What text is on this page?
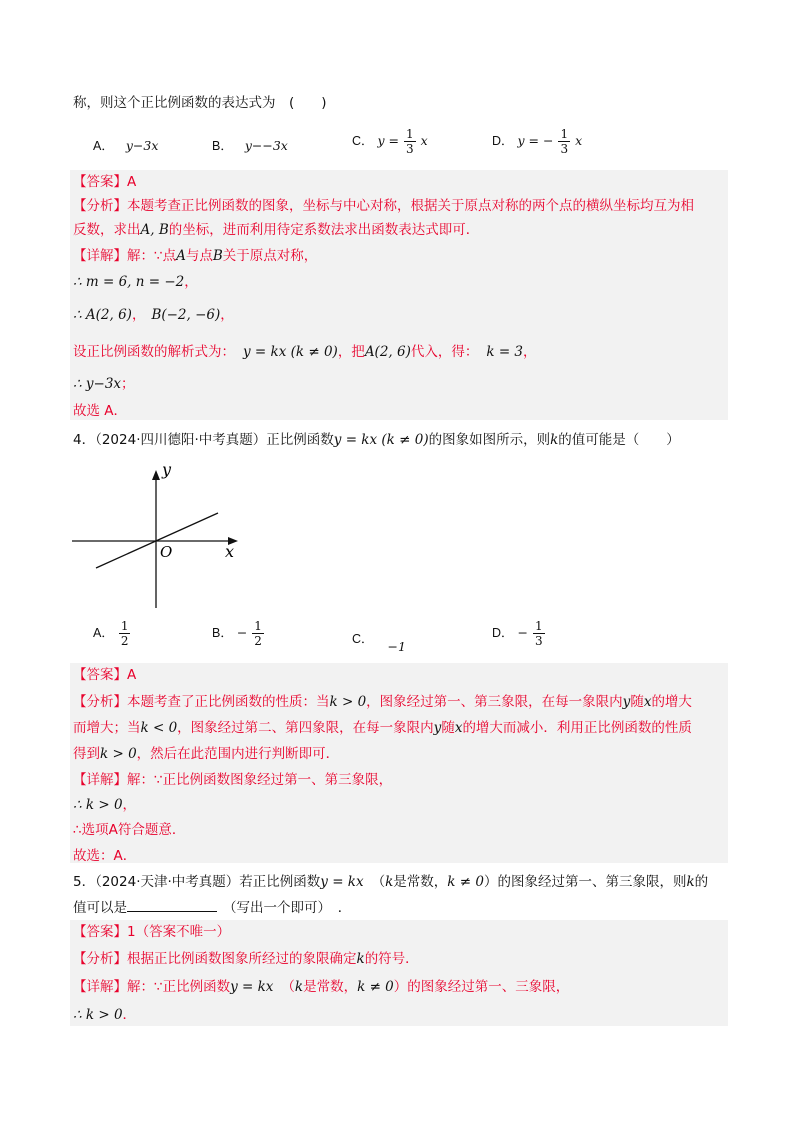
称，则这个正比例函数的表达式为　(　　)
A． y−3x	B． y−−3x	C． $y = \frac{1}{3}$ x	D． y = − $\frac{1}{3}$ x
【答案】A
【分析】本题考查正比例函数的图象，坐标与中心对称，根据关于原点对称的两个点的横纵坐标均互为相
反数，求出A, B的坐标，进而利用待定系数法求出函数表达式即可．
【详解】解：∵点A与点B关于原点对称，
∴ m = 6, n = −2，
∴ A(2, 6)， B(−2, −6)，
设正比例函数的解析式为： y = kx (k ≠ 0)，把A(2, 6)代入，得： k = 3，
∴ y−3x；
故选 A．
4．（2024·四川德阳·中考真题）正比例函数y = kx (k ≠ 0)的图象如图所示，则k的值可能是（　　）
x
y
O
A． $\frac{1}{2}$	B． − $\frac{1}{2}$	C． −1
D． − $\frac{1}{3}$
【答案】A
【分析】本题考查了正比例函数的性质：当k > 0，图象经过第一、第三象限，在每一象限内y随x的增大
而增大；当k < 0，图象经过第二、第四象限，在每一象限内y随x的增大而减小．利用正比例函数的性质
得到k > 0，然后在此范围内进行判断即可．
【详解】解：∵正比例函数图象经过第一、第三象限，
∴ k > 0，
∴选项A符合题意．
故选：A．
5．（2024·天津·中考真题）若正比例函数y = kx （k是常数，k ≠ 0）的图象经过第一、第三象限，则k的
值可以是	（写出一个即可）　．
【答案】1（答案不唯一）
【分析】根据正比例函数图象所经过的象限确定k的符号．
【详解】解：∵正比例函数y = kx （k是常数，k ≠ 0）的图象经过第一、三象限，
∴ k > 0．
